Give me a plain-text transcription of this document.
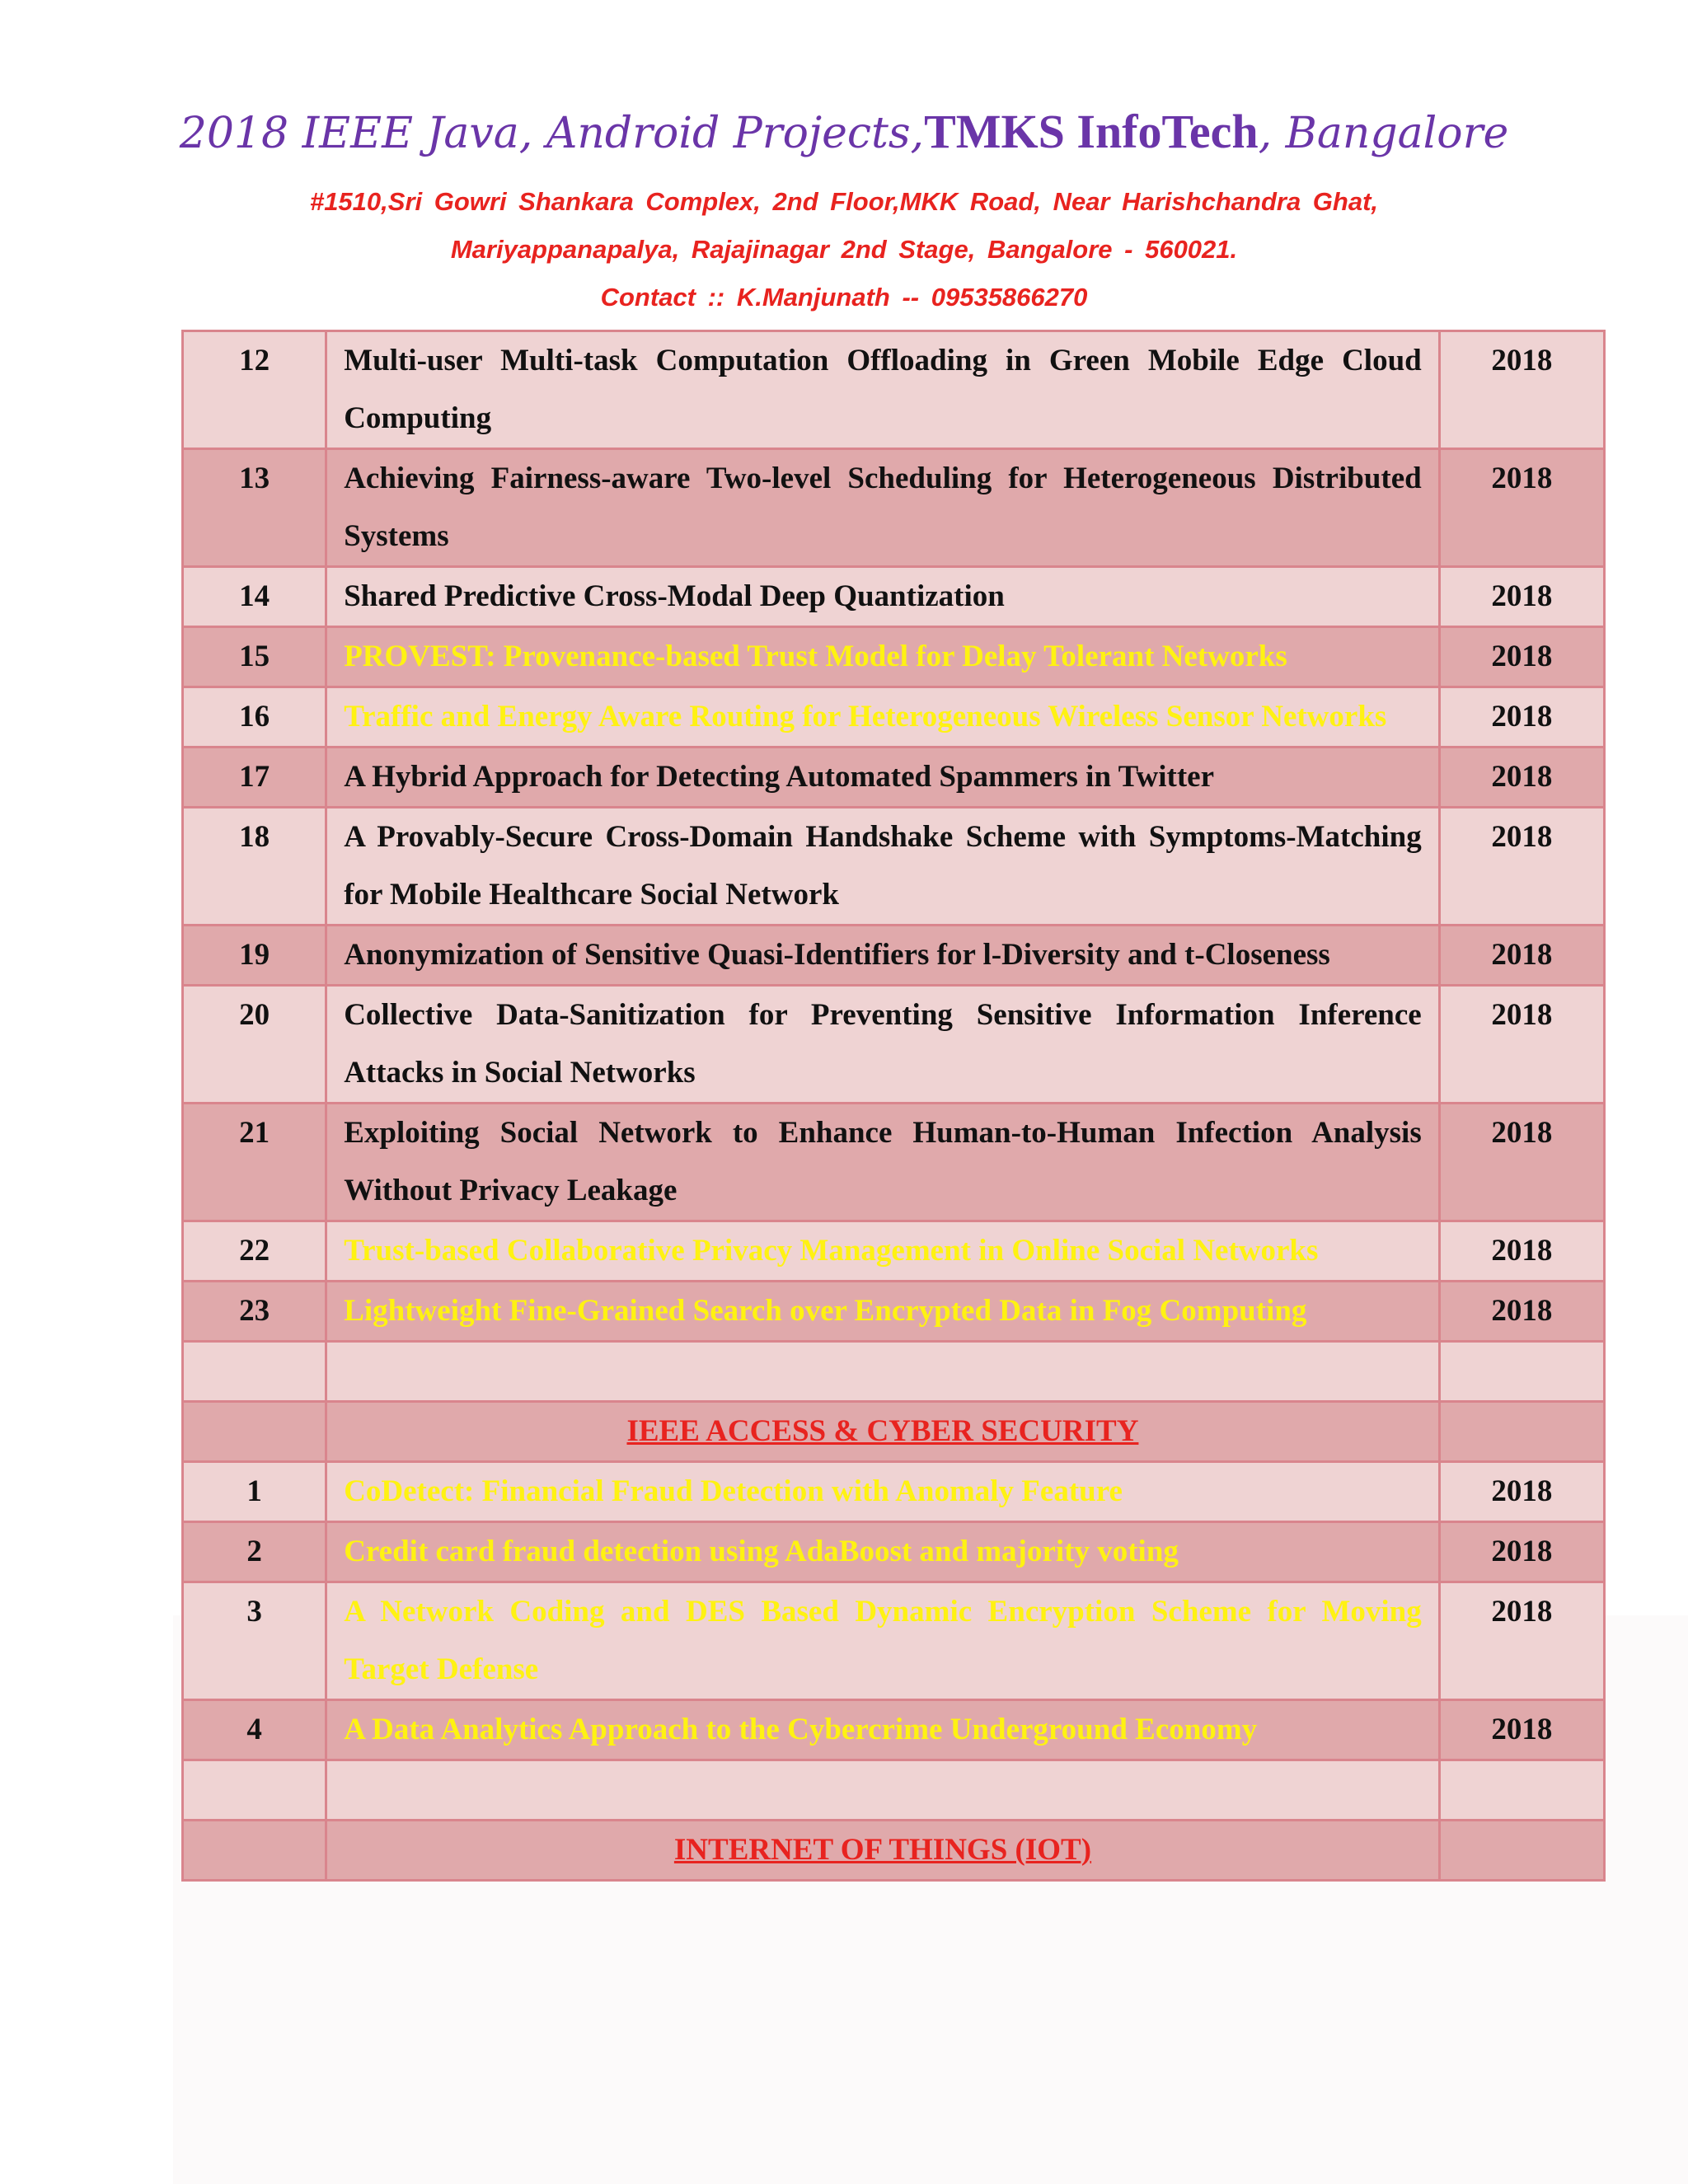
2018 IEEE Java, Android Projects,TMKS InfoTech, Bangalore
#1510,Sri Gowri Shankara Complex, 2nd Floor,MKK Road, Near Harishchandra Ghat,
Mariyappanapalya, Rajajinagar 2nd Stage, Bangalore - 560021.
Contact :: K.Manjunath -- 09535866270
12	Multi-user Multi-task Computation Offloading in Green Mobile Edge Cloud Computing	2018
13	Achieving Fairness-aware Two-level Scheduling for Heterogeneous Distributed Systems	2018
14	Shared Predictive Cross-Modal Deep Quantization	2018
15	PROVEST: Provenance-based Trust Model for Delay Tolerant Networks	2018
16	Traffic and Energy Aware Routing for Heterogeneous Wireless Sensor Networks	2018
17	A Hybrid Approach for Detecting Automated Spammers in Twitter	2018
18	A Provably-Secure Cross-Domain Handshake Scheme with Symptoms-Matching for Mobile Healthcare Social Network	2018
19	Anonymization of Sensitive Quasi-Identifiers for l-Diversity and t-Closeness	2018
20	Collective Data-Sanitization for Preventing Sensitive Information Inference Attacks in Social Networks	2018
21	Exploiting Social Network to Enhance Human-to-Human Infection Analysis Without Privacy Leakage	2018
22	Trust-based Collaborative Privacy Management in Online Social Networks	2018
23	Lightweight Fine-Grained Search over Encrypted Data in Fog Computing	2018

	IEEE ACCESS & CYBER SECURITY	
1	CoDetect: Financial Fraud Detection with Anomaly Feature	2018
2	Credit card fraud detection using AdaBoost and majority voting	2018
3	A Network Coding and DES Based Dynamic Encryption Scheme for Moving Target Defense	2018
4	A Data Analytics Approach to the Cybercrime Underground Economy	2018

	INTERNET OF THINGS (IOT)	
